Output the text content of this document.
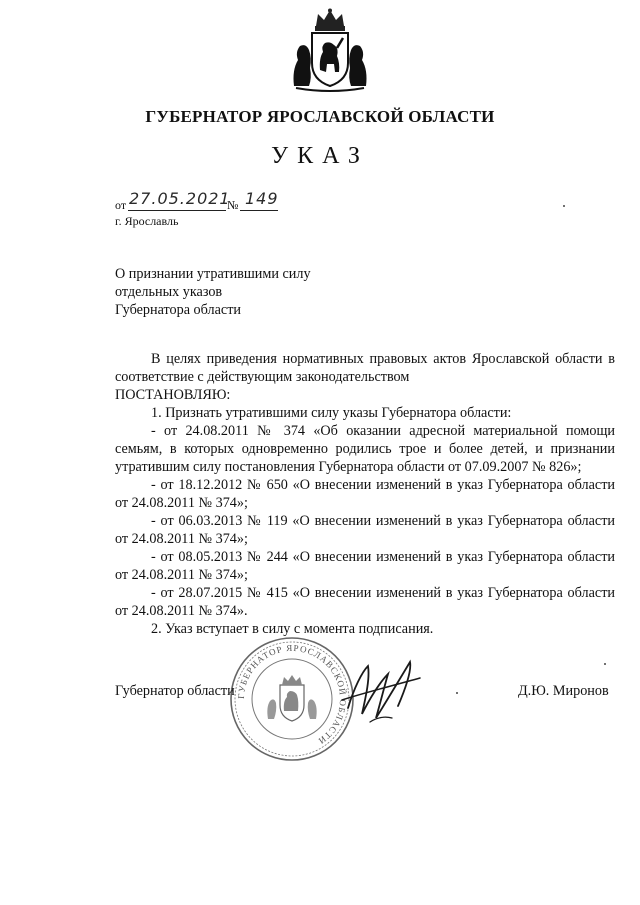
ГУБЕРНАТОР ЯРОСЛАВСКОЙ ОБЛАСТИ
УКАЗ
от 27.05.2021
№ 149
г. Ярославль
О признании утратившими силу
отдельных указов
Губернатора области

В целях приведения нормативных правовых актов Ярославской области в соответствие с действующим законодательством

ПОСТАНОВЛЯЮ:

1. Признать утратившими силу указы Губернатора области:

- от 24.08.2011 № 374 «Об оказании адресной материальной помощи семьям, в которых одновременно родились трое и более детей, и признании утратившим силу постановления Губернатора области от 07.09.2007 № 826»;

- от 18.12.2012 № 650 «О внесении изменений в указ Губернатора области от 24.08.2011 № 374»;

- от 06.03.2013 № 119 «О внесении изменений в указ Губернатора области от 24.08.2011 № 374»;

- от 08.05.2013 № 244 «О внесении изменений в указ Губернатора области от 24.08.2011 № 374»;

- от 28.07.2015 № 415 «О внесении изменений в указ Губернатора области от 24.08.2011 № 374».

2. Указ вступает в силу с момента подписания.

ГУБЕРНАТОР ЯРОСЛАВСКОЙ ОБЛАСТИ
Губернатор области	Д.Ю. Миронов
